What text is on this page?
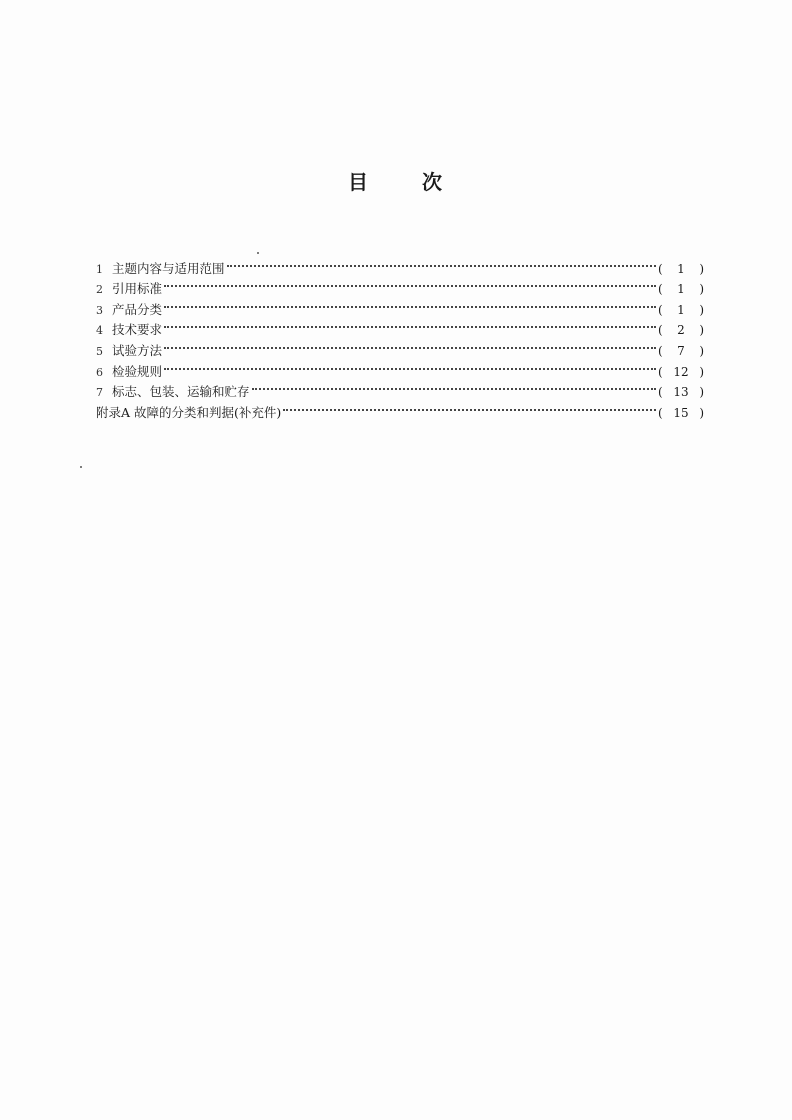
目	次
1 主题内容与适用范围	(	1	)
2 引用标准	(	1	)
3 产品分类	(	1	)
4 技术要求	(	2	)
5 试验方法	(	7	)
6 检验规则	( 12 )
7 标志、包装、运输和贮存	( 13 )
附录A 故障的分类和判据(补充件)	( 15 )
